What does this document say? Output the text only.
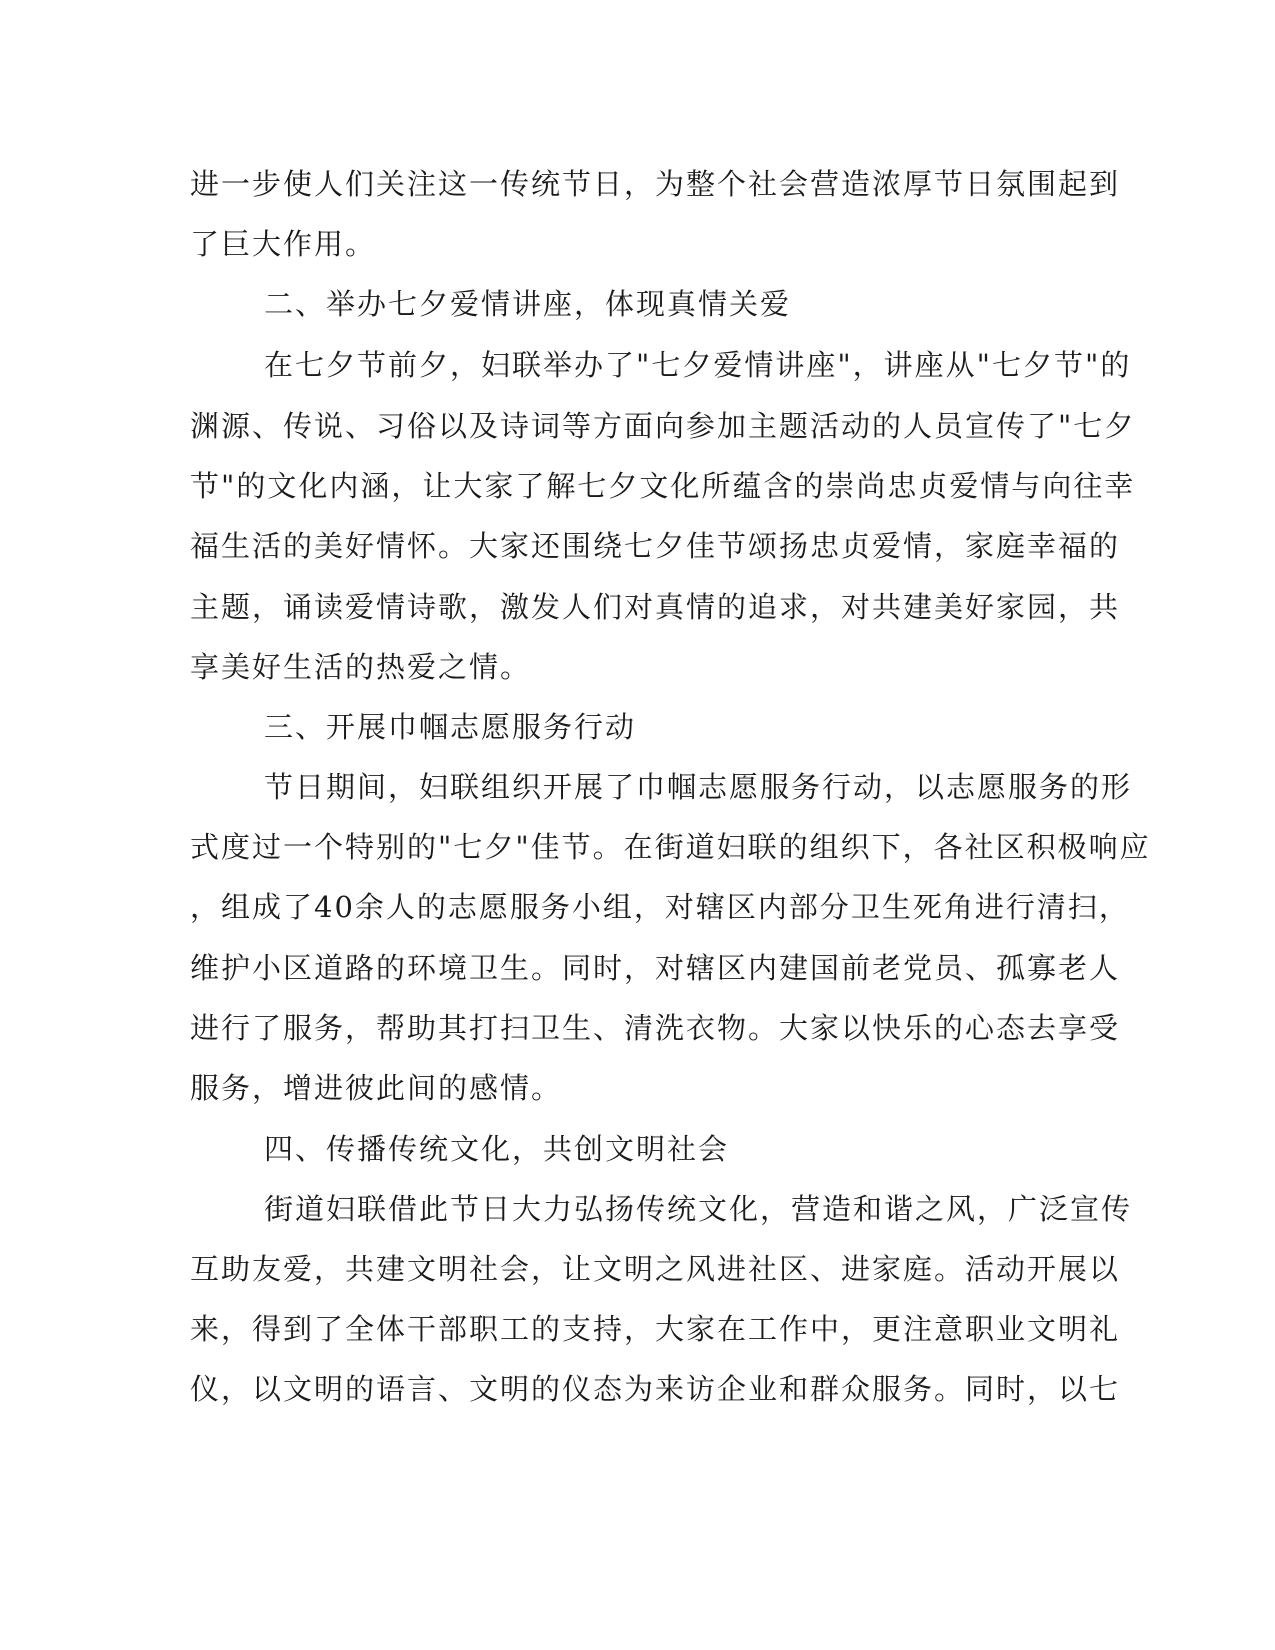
进一步使人们关注这一传统节日，为整个社会营造浓厚节日氛围起到
了巨大作用。
二、举办七夕爱情讲座，体现真情关爱
在七夕节前夕，妇联举办了"七夕爱情讲座"，讲座从"七夕节"的
渊源、传说、习俗以及诗词等方面向参加主题活动的人员宣传了"七夕
节"的文化内涵，让大家了解七夕文化所蕴含的崇尚忠贞爱情与向往幸
福生活的美好情怀。大家还围绕七夕佳节颂扬忠贞爱情，家庭幸福的
主题，诵读爱情诗歌，激发人们对真情的追求，对共建美好家园，共
享美好生活的热爱之情。
三、开展巾帼志愿服务行动
节日期间，妇联组织开展了巾帼志愿服务行动，以志愿服务的形
式度过一个特别的"七夕"佳节。在街道妇联的组织下，各社区积极响应
，组成了40余人的志愿服务小组，对辖区内部分卫生死角进行清扫，
维护小区道路的环境卫生。同时，对辖区内建国前老党员、孤寡老人
进行了服务，帮助其打扫卫生、清洗衣物。大家以快乐的心态去享受
服务，增进彼此间的感情。
四、传播传统文化，共创文明社会
街道妇联借此节日大力弘扬传统文化，营造和谐之风，广泛宣传
互助友爱，共建文明社会，让文明之风进社区、进家庭。活动开展以
来，得到了全体干部职工的支持，大家在工作中，更注意职业文明礼
仪，以文明的语言、文明的仪态为来访企业和群众服务。同时，以七
